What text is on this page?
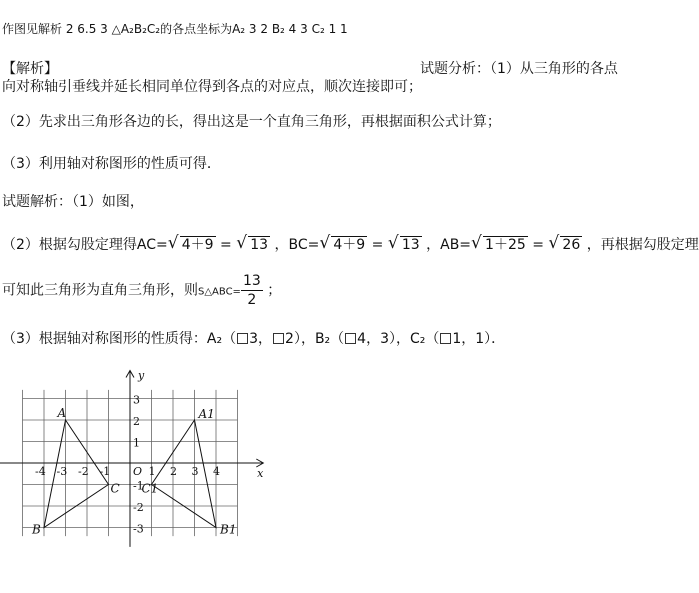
作图见解析 2 6.5 3 △A₂B₂C₂的各点坐标为A₂ 3 2 B₂ 4 3 C₂ 1 1
【解析】	试题分析：（1）从三角形的各点
向对称轴引垂线并延长相同单位得到各点的对应点，顺次连接即可；
（2）先求出三角形各边的长，得出这是一个直角三角形，再根据面积公式计算；
（3）利用轴对称图形的性质可得．
试题解析：（1）如图，
（2）根据勾股定理得AC= √ 4＋9 = √ 13 ，BC= √ 4＋9 = √ 13 ，AB= √ 1＋25 = √ 26 ，再根据勾股定理
可知此三角形为直角三角形，则S△ABC= $\frac{13}{2}$ ；
（3）根据轴对称图形的性质得：A₂（ 3， 2），B₂（ 4，3），C₂（ 1，1）．
-4 -3 -2 -1	1 2 3 4
3
2
1
-1
-2
-3
O	x
y
A
B
C
A1
B1
C1
